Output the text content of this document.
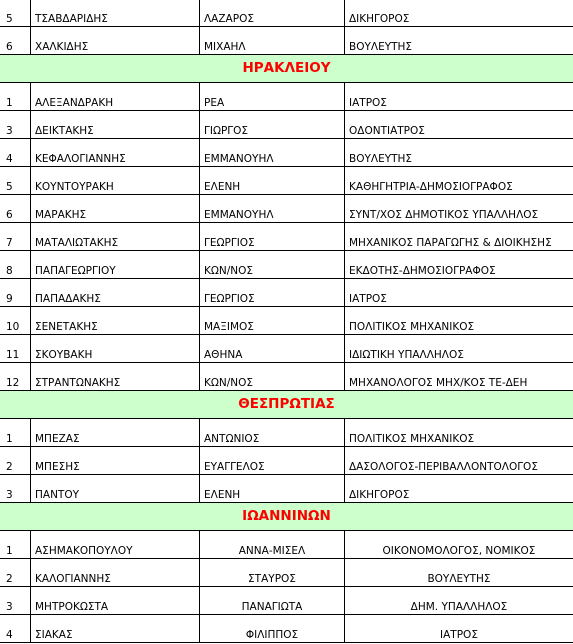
5	ΤΣΑΒΔΑΡΙΔΗΣ	ΛΑΖΑΡΟΣ	ΔΙΚΗΓΟΡΟΣ
6	ΧΑΛΚΙΔΗΣ	ΜΙΧΑΗΛ	ΒΟΥΛΕΥΤΗΣ
ΗΡΑΚΛΕΙΟΥ			
1	ΑΛΕΞΑΝΔΡΑΚΗ	ΡΕΑ	ΙΑΤΡΟΣ
3	ΔΕΙΚΤΑΚΗΣ	ΓΙΩΡΓΟΣ	ΟΔΟΝΤΙΑΤΡΟΣ
4	ΚΕΦΑΛΟΓΙΑΝΝΗΣ	ΕΜΜΑΝΟΥΗΛ	ΒΟΥΛΕΥΤΗΣ
5	ΚΟΥΝΤΟΥΡΑΚΗ	ΕΛΕΝΗ	ΚΑΘΗΓΗΤΡΙΑ-ΔΗΜΟΣΙΟΓΡΑΦΟΣ
6	ΜΑΡΑΚΗΣ	ΕΜΜΑΝΟΥΗΛ	ΣΥΝΤ/ΧΟΣ ΔΗΜΟΤΙΚΟΣ ΥΠΑΛΛΗΛΟΣ
7	ΜΑΤΑΛΙΩΤΑΚΗΣ	ΓΕΩΡΓΙΟΣ	ΜΗΧΑΝΙΚΟΣ ΠΑΡΑΓΩΓΗΣ & ΔΙΟΙΚΗΣΗΣ
8	ΠΑΠΑΓΕΩΡΓΙΟΥ	ΚΩΝ/ΝΟΣ	ΕΚΔΟΤΗΣ-ΔΗΜΟΣΙΟΓΡΑΦΟΣ
9	ΠΑΠΑΔΑΚΗΣ	ΓΕΩΡΓΙΟΣ	ΙΑΤΡΟΣ
10	ΣΕΝΕΤΑΚΗΣ	ΜΑΞΙΜΟΣ	ΠΟΛΙΤΙΚΟΣ ΜΗΧΑΝΙΚΟΣ
11	ΣΚΟΥΒΑΚΗ	ΑΘΗΝΑ	ΙΔΙΩΤΙΚΗ ΥΠΑΛΛΗΛΟΣ
12	ΣΤΡΑΝΤΩΝΑΚΗΣ	ΚΩΝ/ΝΟΣ	ΜΗΧΑΝΟΛΟΓΟΣ ΜΗΧ/ΚΟΣ ΤΕ-ΔΕΗ
ΘΕΣΠΡΩΤΙΑΣ			
1	ΜΠΕΖΑΣ	ΑΝΤΩΝΙΟΣ	ΠΟΛΙΤΙΚΟΣ ΜΗΧΑΝΙΚΟΣ
2	ΜΠΕΣΗΣ	ΕΥΑΓΓΕΛΟΣ	ΔΑΣΟΛΟΓΟΣ-ΠΕΡΙΒΑΛΛΟΝΤΟΛΟΓΟΣ
3	ΠΑΝΤΟΥ	ΕΛΕΝΗ	ΔΙΚΗΓΟΡΟΣ
ΙΩΑΝΝΙΝΩΝ			
1	ΑΣΗΜΑΚΟΠΟΥΛΟΥ	ΑΝΝΑ-ΜΙΣΕΛ	ΟΙΚΟΝΟΜΟΛΟΓΟΣ, ΝΟΜΙΚΟΣ
2	ΚΑΛΟΓΙΑΝΝΗΣ	ΣΤΑΥΡΟΣ	ΒΟΥΛΕΥΤΗΣ
3	ΜΗΤΡΟΚΩΣΤΑ	ΠΑΝΑΓΙΩΤΑ	ΔΗΜ. ΥΠΑΛΛΗΛΟΣ
4	ΣΙΑΚΑΣ	ΦΙΛΙΠΠΟΣ	ΙΑΤΡΟΣ
